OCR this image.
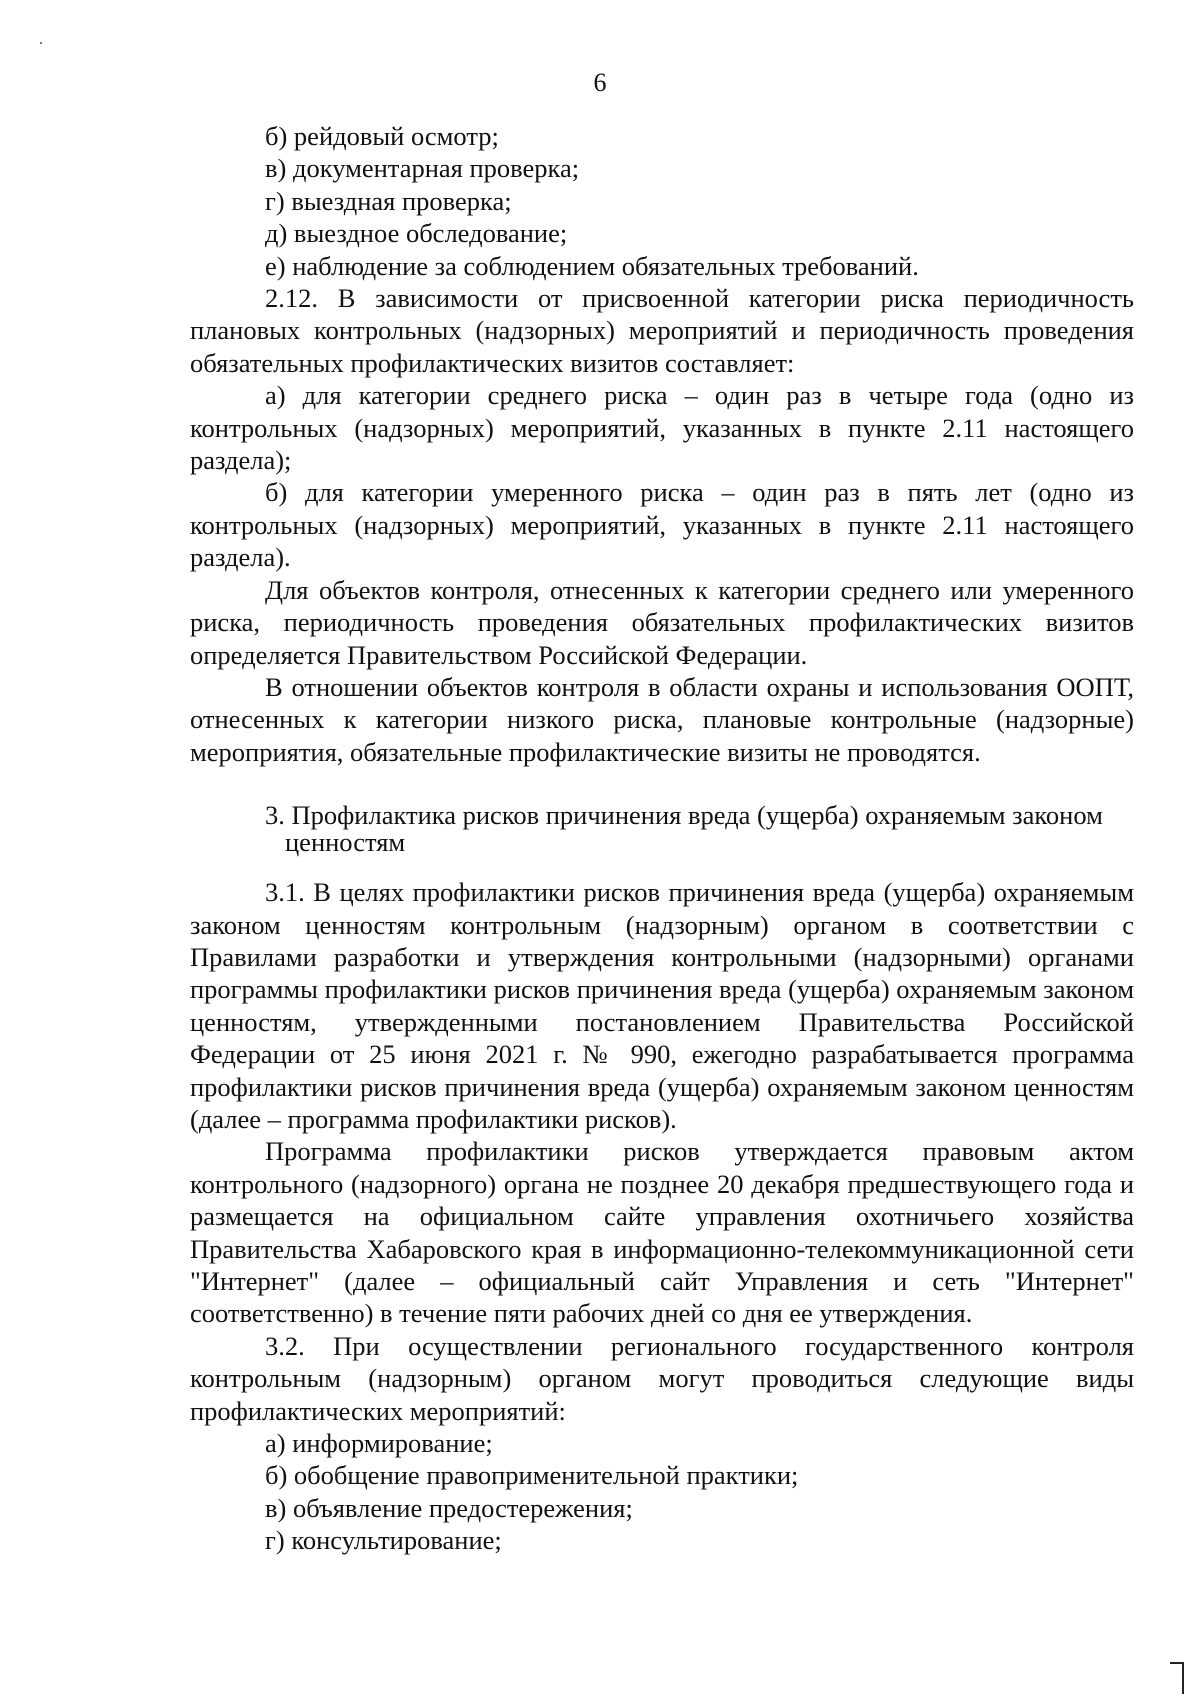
6

б) рейдовый осмотр;

в) документарная проверка;

г) выездная проверка;

д) выездное обследование;

е) наблюдение за соблюдением обязательных требований.

2.12. В зависимости от присвоенной категории риска периодичность плановых контрольных (надзорных) мероприятий и периодичность проведения обязательных профилактических визитов составляет:

а) для категории среднего риска – один раз в четыре года (одно из контрольных (надзорных) мероприятий, указанных в пункте 2.11 настоящего раздела);

б) для категории умеренного риска – один раз в пять лет (одно из контрольных (надзорных) мероприятий, указанных в пункте 2.11 настоящего раздела).

Для объектов контроля, отнесенных к категории среднего или умеренного риска, периодичность проведения обязательных профилактических визитов определяется Правительством Российской Федерации.

В отношении объектов контроля в области охраны и использования ООПТ, отнесенных к категории низкого риска, плановые контрольные (надзорные) мероприятия, обязательные профилактические визиты не проводятся.

3. Профилактика рисков причинения вреда (ущерба) охраняемым законом
ценностям

3.1. В целях профилактики рисков причинения вреда (ущерба) охраняемым законом ценностям контрольным (надзорным) органом в соответствии с Правилами разработки и утверждения контрольными (надзорными) органами программы профилактики рисков причинения вреда (ущерба) охраняемым законом ценностям, утвержденными постановлением Правительства Российской Федерации от 25 июня 2021 г. № 990, ежегодно разрабатывается программа профилактики рисков причинения вреда (ущерба) охраняемым законом ценностям (далее – программа профилактики рисков).

Программа профилактики рисков утверждается правовым актом контрольного (надзорного) органа не позднее 20 декабря предшествующего года и размещается на официальном сайте управления охотничьего хозяйства Правительства Хабаровского края в информационно-телекоммуникационной сети "Интернет" (далее – официальный сайт Управления и сеть "Интернет" соответственно) в течение пяти рабочих дней со дня ее утверждения.

3.2. При осуществлении регионального государственного контроля контрольным (надзорным) органом могут проводиться следующие виды профилактических мероприятий:

а) информирование;

б) обобщение правоприменительной практики;

в) объявление предостережения;

г) консультирование;
